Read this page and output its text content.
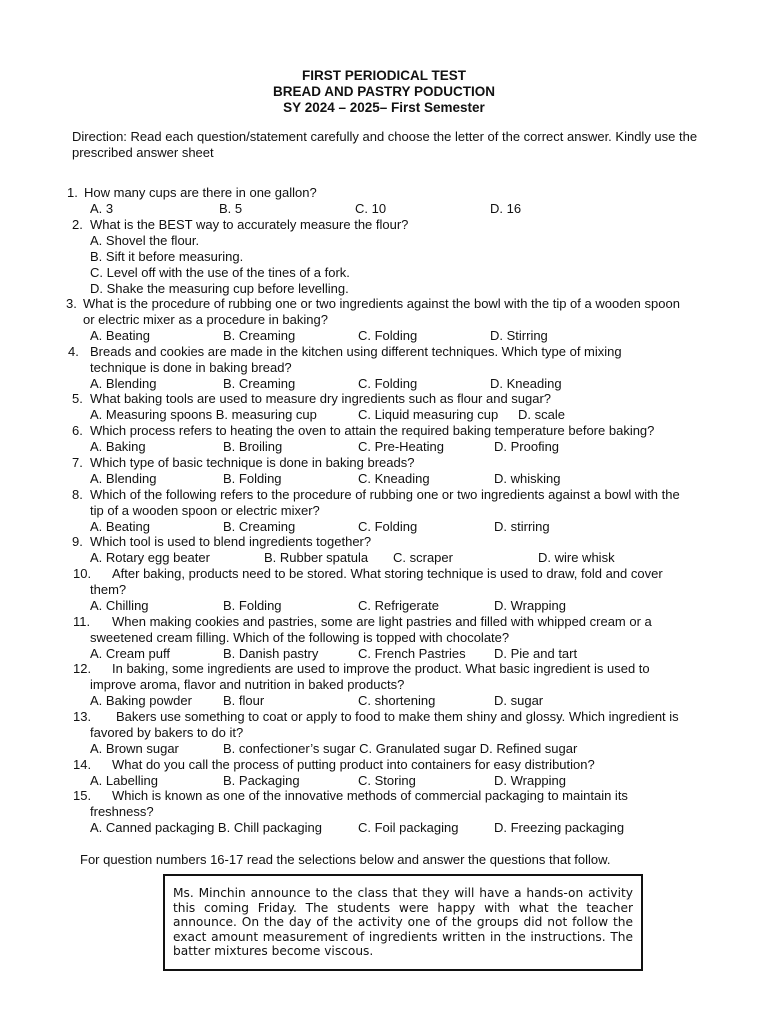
FIRST PERIODICAL TEST
BREAD AND PASTRY PODUCTION
SY 2024 – 2025– First Semester
Direction: Read each question/statement carefully and choose the letter of the correct answer. Kindly use the prescribed answer sheet
1. How many cups are there in one gallon?
A. 3	B. 5	C. 10	D. 16
2. What is the BEST way to accurately measure the flour?
A. Shovel the flour.
B. Sift it before measuring.
C. Level off with the use of the tines of a fork.
D. Shake the measuring cup before levelling.
3. What is the procedure of rubbing one or two ingredients against the bowl with the tip of a wooden spoon
or electric mixer as a procedure in baking?
A. Beating	B. Creaming	C. Folding	D. Stirring
4. Breads and cookies are made in the kitchen using different techniques. Which type of mixing
technique is done in baking bread?
A. Blending	B. Creaming	C. Folding	D. Kneading
5. What baking tools are used to measure dry ingredients such as flour and sugar?
A. Measuring spoons B. measuring cup	C. Liquid measuring cup D. scale
6. Which process refers to heating the oven to attain the required baking temperature before baking?
A. Baking	B. Broiling	C. Pre-Heating	D. Proofing
7. Which type of basic technique is done in baking breads?
A. Blending	B. Folding	C. Kneading	D. whisking
8. Which of the following refers to the procedure of rubbing one or two ingredients against a bowl with the
tip of a wooden spoon or electric mixer?
A. Beating	B. Creaming	C. Folding	D. stirring
9. Which tool is used to blend ingredients together?
A. Rotary egg beater	B. Rubber spatula C. scraper	D. wire whisk
10. After baking, products need to be stored. What storing technique is used to draw, fold and cover
them?
A. Chilling	B. Folding	C. Refrigerate	D. Wrapping
11. When making cookies and pastries, some are light pastries and filled with whipped cream or a
sweetened cream filling. Which of the following is topped with chocolate?
A. Cream puff	B. Danish pastry	C. French Pastries D. Pie and tart
12. In baking, some ingredients are used to improve the product. What basic ingredient is used to
improve aroma, flavor and nutrition in baked products?
A. Baking powder B. flour	C. shortening	D. sugar
13. Bakers use something to coat or apply to food to make them shiny and glossy. Which ingredient is
favored by bakers to do it?
A. Brown sugar	B. confectioner’s sugar C. Granulated sugar D. Refined sugar
14. What do you call the process of putting product into containers for easy distribution?
A. Labelling	B. Packaging	C. Storing	D. Wrapping
15. Which is known as one of the innovative methods of commercial packaging to maintain its
freshness?
A. Canned packaging B. Chill packaging	C. Foil packaging	D. Freezing packaging
For question numbers 16-17 read the selections below and answer the questions that follow.
Ms. Minchin announce to the class that they will have a hands-on activity this coming Friday. The students were happy with what the teacher announce. On the day of the activity one of the groups did not follow the exact amount measurement of ingredients written in the instructions. The batter mixtures become viscous.
